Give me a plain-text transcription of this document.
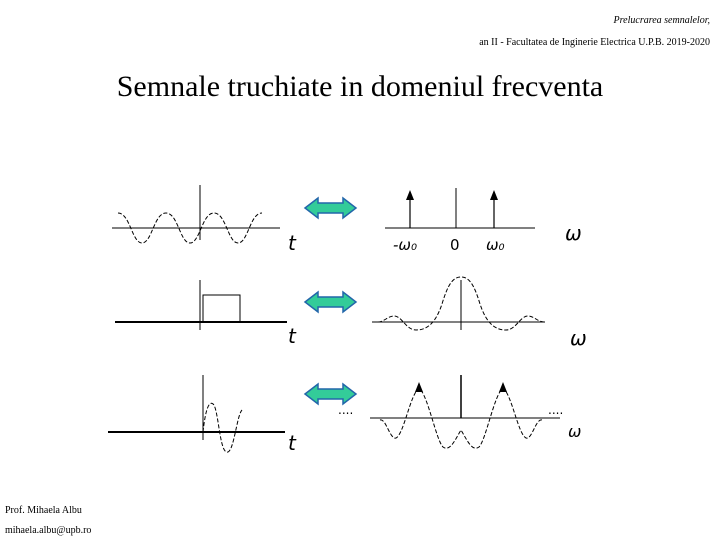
Prelucrarea semnalelor,
an II - Facultatea de Inginerie Electrica U.P.B. 2019-2020
Semnale truchiate in domeniul frecventa
t	-ω₀ 0 ω₀	ω
t	ω
t
....	....
ω
Prof. Mihaela Albu
mihaela.albu@upb.ro
